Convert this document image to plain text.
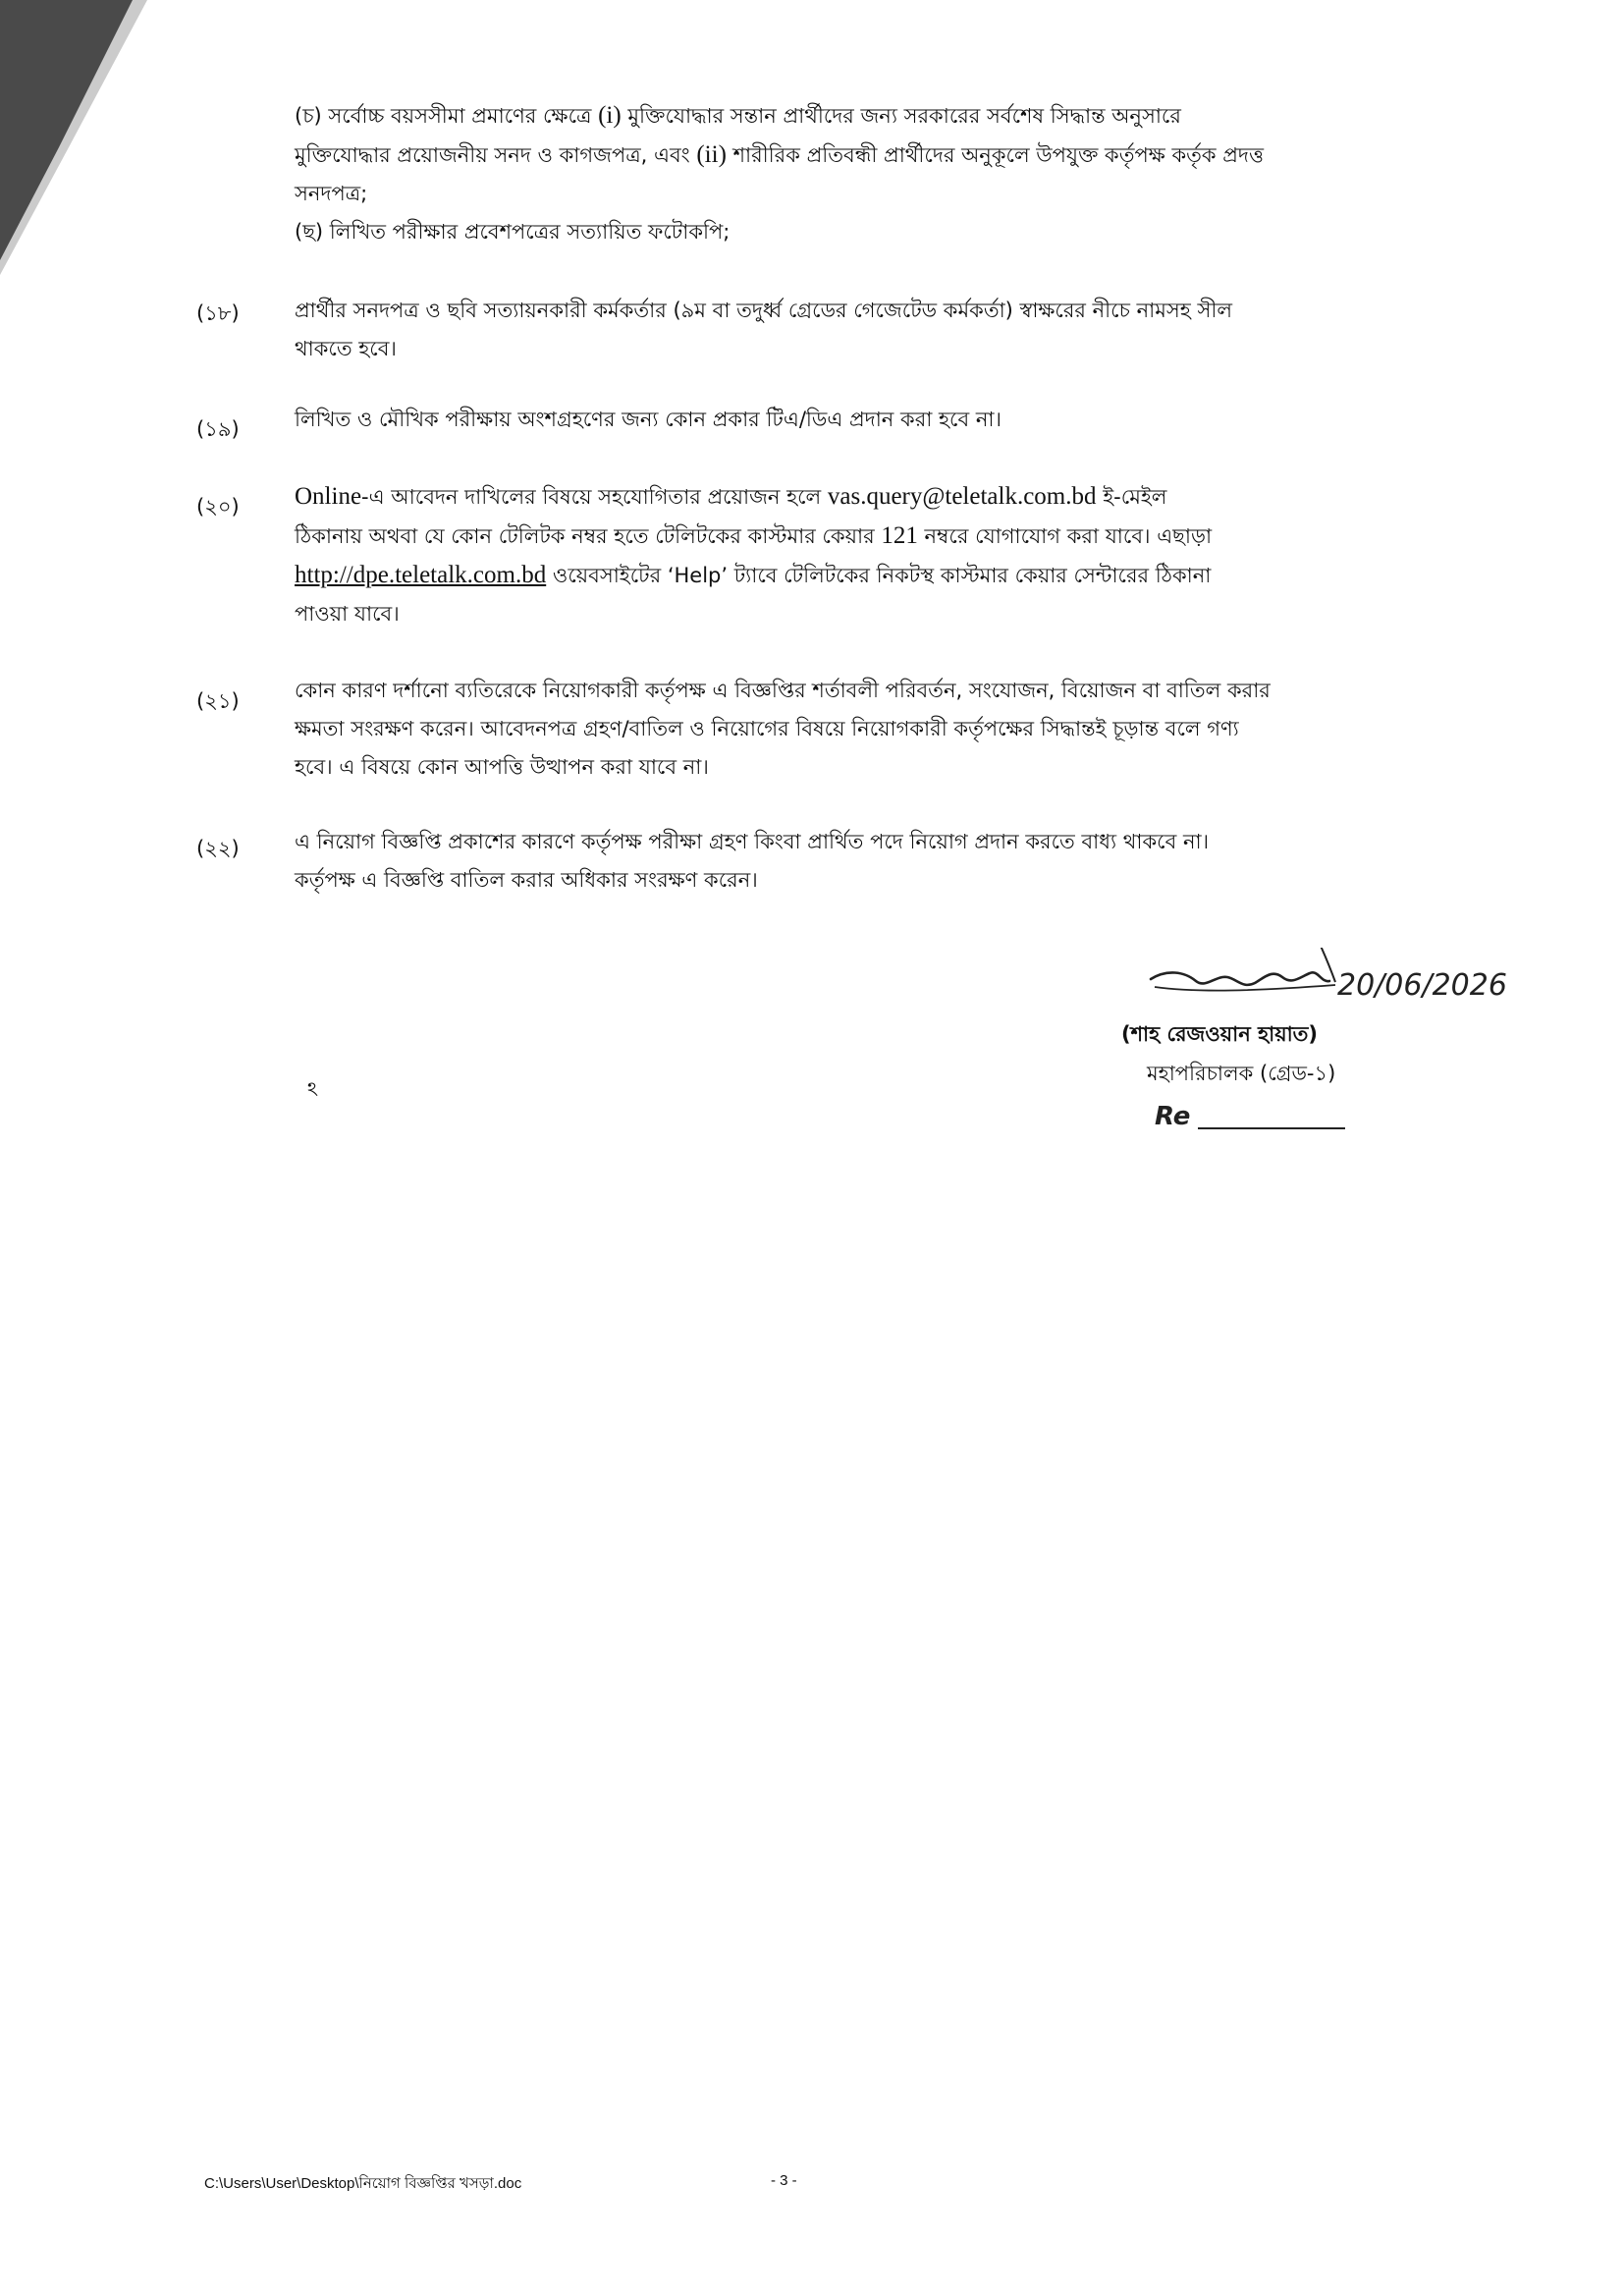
(চ) সর্বোচ্চ বয়সসীমা প্রমাণের ক্ষেত্রে (i) মুক্তিযোদ্ধার সন্তান প্রার্থীদের জন্য সরকারের সর্বশেষ সিদ্ধান্ত অনুসারে
মুক্তিযোদ্ধার প্রয়োজনীয় সনদ ও কাগজপত্র, এবং (ii) শারীরিক প্রতিবন্ধী প্রার্থীদের অনুকূলে উপযুক্ত কর্তৃপক্ষ কর্তৃক প্রদত্ত
সনদপত্র;
(ছ) লিখিত পরীক্ষার প্রবেশপত্রের সত্যায়িত ফটোকপি;
(১৮)	প্রার্থীর সনদপত্র ও ছবি সত্যায়নকারী কর্মকর্তার (৯ম বা তদুর্ধ্ব গ্রেডের গেজেটেড কর্মকর্তা) স্বাক্ষরের নীচে নামসহ সীল
থাকতে হবে।
(১৯)	লিখিত ও মৌখিক পরীক্ষায় অংশগ্রহণের জন্য কোন প্রকার টিএ/ডিএ প্রদান করা হবে না।
(২০)	Online-এ আবেদন দাখিলের বিষয়ে সহযোগিতার প্রয়োজন হলে vas.query@teletalk.com.bd ই-মেইল
ঠিকানায় অথবা যে কোন টেলিটক নম্বর হতে টেলিটকের কাস্টমার কেয়ার 121 নম্বরে যোগাযোগ করা যাবে। এছাড়া
http://dpe.teletalk.com.bd ওয়েবসাইটের ‘Help’ ট্যাবে টেলিটকের নিকটস্থ কাস্টমার কেয়ার সেন্টারের ঠিকানা
পাওয়া যাবে।
(২১)	কোন কারণ দর্শানো ব্যতিরেকে নিয়োগকারী কর্তৃপক্ষ এ বিজ্ঞপ্তির শর্তাবলী পরিবর্তন, সংযোজন, বিয়োজন বা বাতিল করার
ক্ষমতা সংরক্ষণ করেন। আবেদনপত্র গ্রহণ/বাতিল ও নিয়োগের বিষয়ে নিয়োগকারী কর্তৃপক্ষের সিদ্ধান্তই চূড়ান্ত বলে গণ্য
হবে। এ বিষয়ে কোন আপত্তি উত্থাপন করা যাবে না।
(২২)	এ নিয়োগ বিজ্ঞপ্তি প্রকাশের কারণে কর্তৃপক্ষ পরীক্ষা গ্রহণ কিংবা প্রার্থিত পদে নিয়োগ প্রদান করতে বাধ্য থাকবে না।
কর্তৃপক্ষ এ বিজ্ঞপ্তি বাতিল করার অধিকার সংরক্ষণ করেন।
20/06/2026
(শাহ রেজওয়ান হায়াত)
মহাপরিচালক (গ্রেড-১)
Re
ঽ
C:\Users\User\Desktop\নিয়োগ বিজ্ঞপ্তির খসড়া.doc	- 3 -
